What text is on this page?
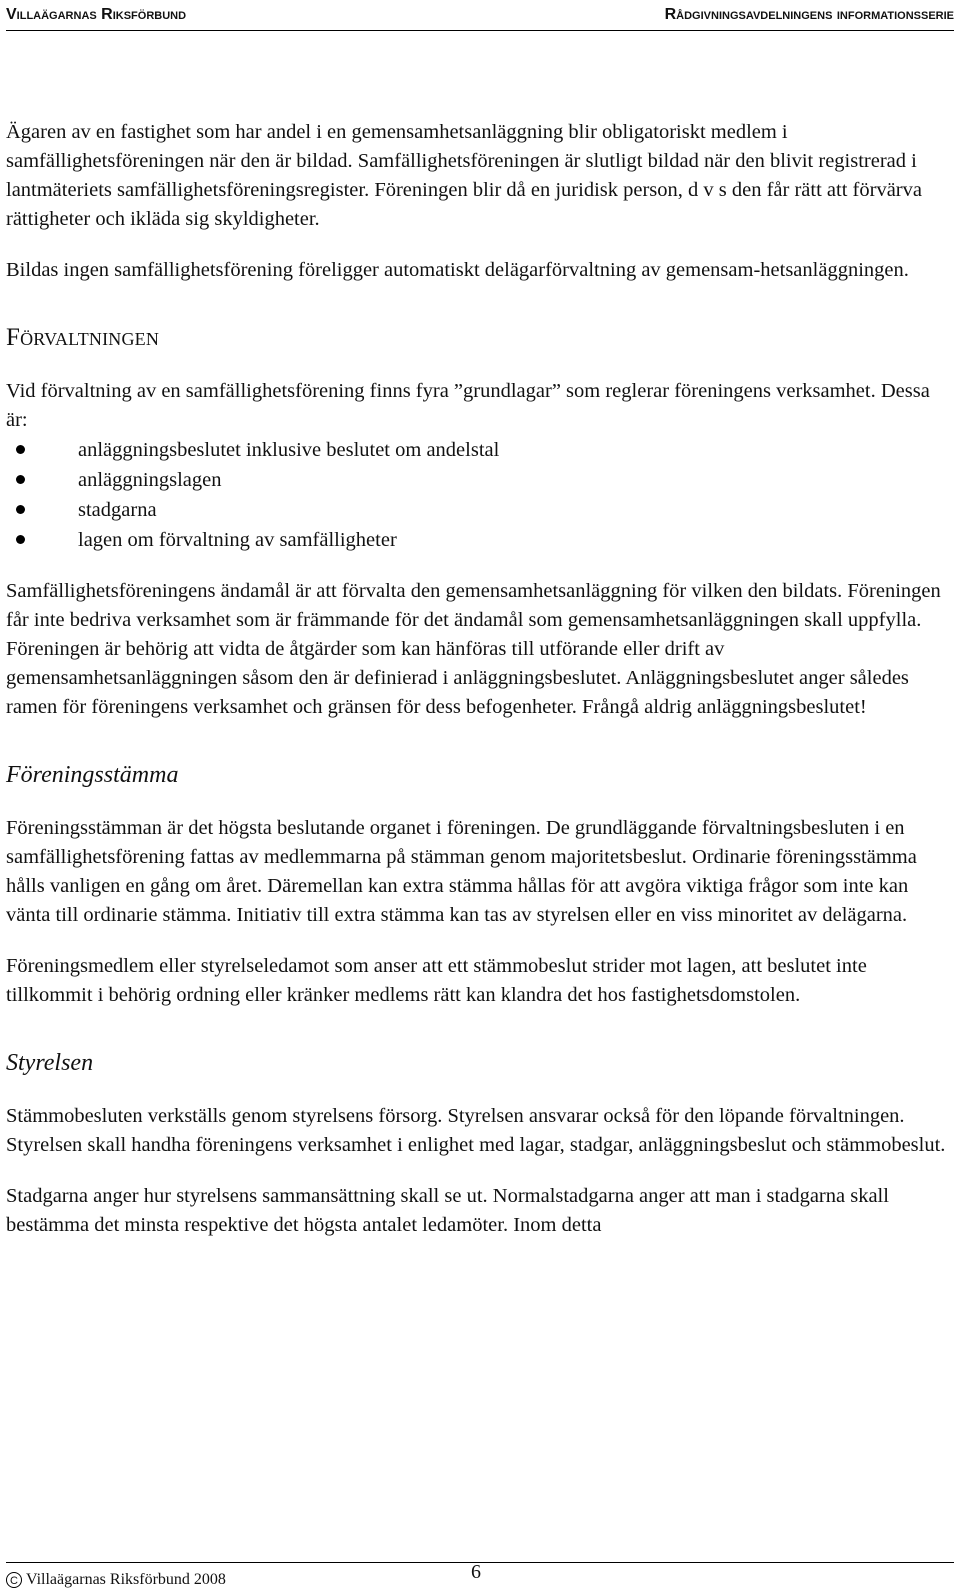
Villaägarnas Riksförbund	Rådgivningsavdelningens informationsserie

Ägaren av en fastighet som har andel i en gemensamhetsanläggning blir obligatoriskt medlem i samfällighetsföreningen när den är bildad. Samfällighetsföreningen är slutligt bildad när den blivit registrerad i lantmäteriets samfällighetsföreningsregister. Föreningen blir då en juridisk person, d v s den får rätt att förvärva rättigheter och ikläda sig skyldigheter.

Bildas ingen samfällighetsförening föreligger automatiskt delägarförvaltning av gemensam-hetsanläggningen.

Förvaltningen

Vid förvaltning av en samfällighetsförening finns fyra ”grundlagar” som reglerar föreningens verksamhet. Dessa är:

anläggningsbeslutet inklusive beslutet om andelstal
anläggningslagen
stadgarna
lagen om förvaltning av samfälligheter

Samfällighetsföreningens ändamål är att förvalta den gemensamhetsanläggning för vilken den bildats. Föreningen får inte bedriva verksamhet som är främmande för det ändamål som gemensamhetsanläggningen skall uppfylla. Föreningen är behörig att vidta de åtgärder som kan hänföras till utförande eller drift av gemensamhetsanläggningen såsom den är definierad i anläggningsbeslutet. Anläggningsbeslutet anger således ramen för föreningens verksamhet och gränsen för dess befogenheter. Frångå aldrig anläggningsbeslutet!

Föreningsstämma

Föreningsstämman är det högsta beslutande organet i föreningen. De grundläggande förvaltningsbesluten i en samfällighetsförening fattas av medlemmarna på stämman genom majoritetsbeslut. Ordinarie föreningsstämma hålls vanligen en gång om året. Däremellan kan extra stämma hållas för att avgöra viktiga frågor som inte kan vänta till ordinarie stämma. Initiativ till extra stämma kan tas av styrelsen eller en viss minoritet av delägarna.

Föreningsmedlem eller styrelseledamot som anser att ett stämmobeslut strider mot lagen, att beslutet inte tillkommit i behörig ordning eller kränker medlems rätt kan klandra det hos fastighetsdomstolen.

Styrelsen

Stämmobesluten verkställs genom styrelsens försorg. Styrelsen ansvarar också för den löpande förvaltningen. Styrelsen skall handha föreningens verksamhet i enlighet med lagar, stadgar, anläggningsbeslut och stämmobeslut.

Stadgarna anger hur styrelsens sammansättning skall se ut. Normalstadgarna anger att man i stadgarna skall bestämma det minsta respektive det högsta antalet ledamöter. Inom detta

C Villaägarnas Riksförbund 2008	6
